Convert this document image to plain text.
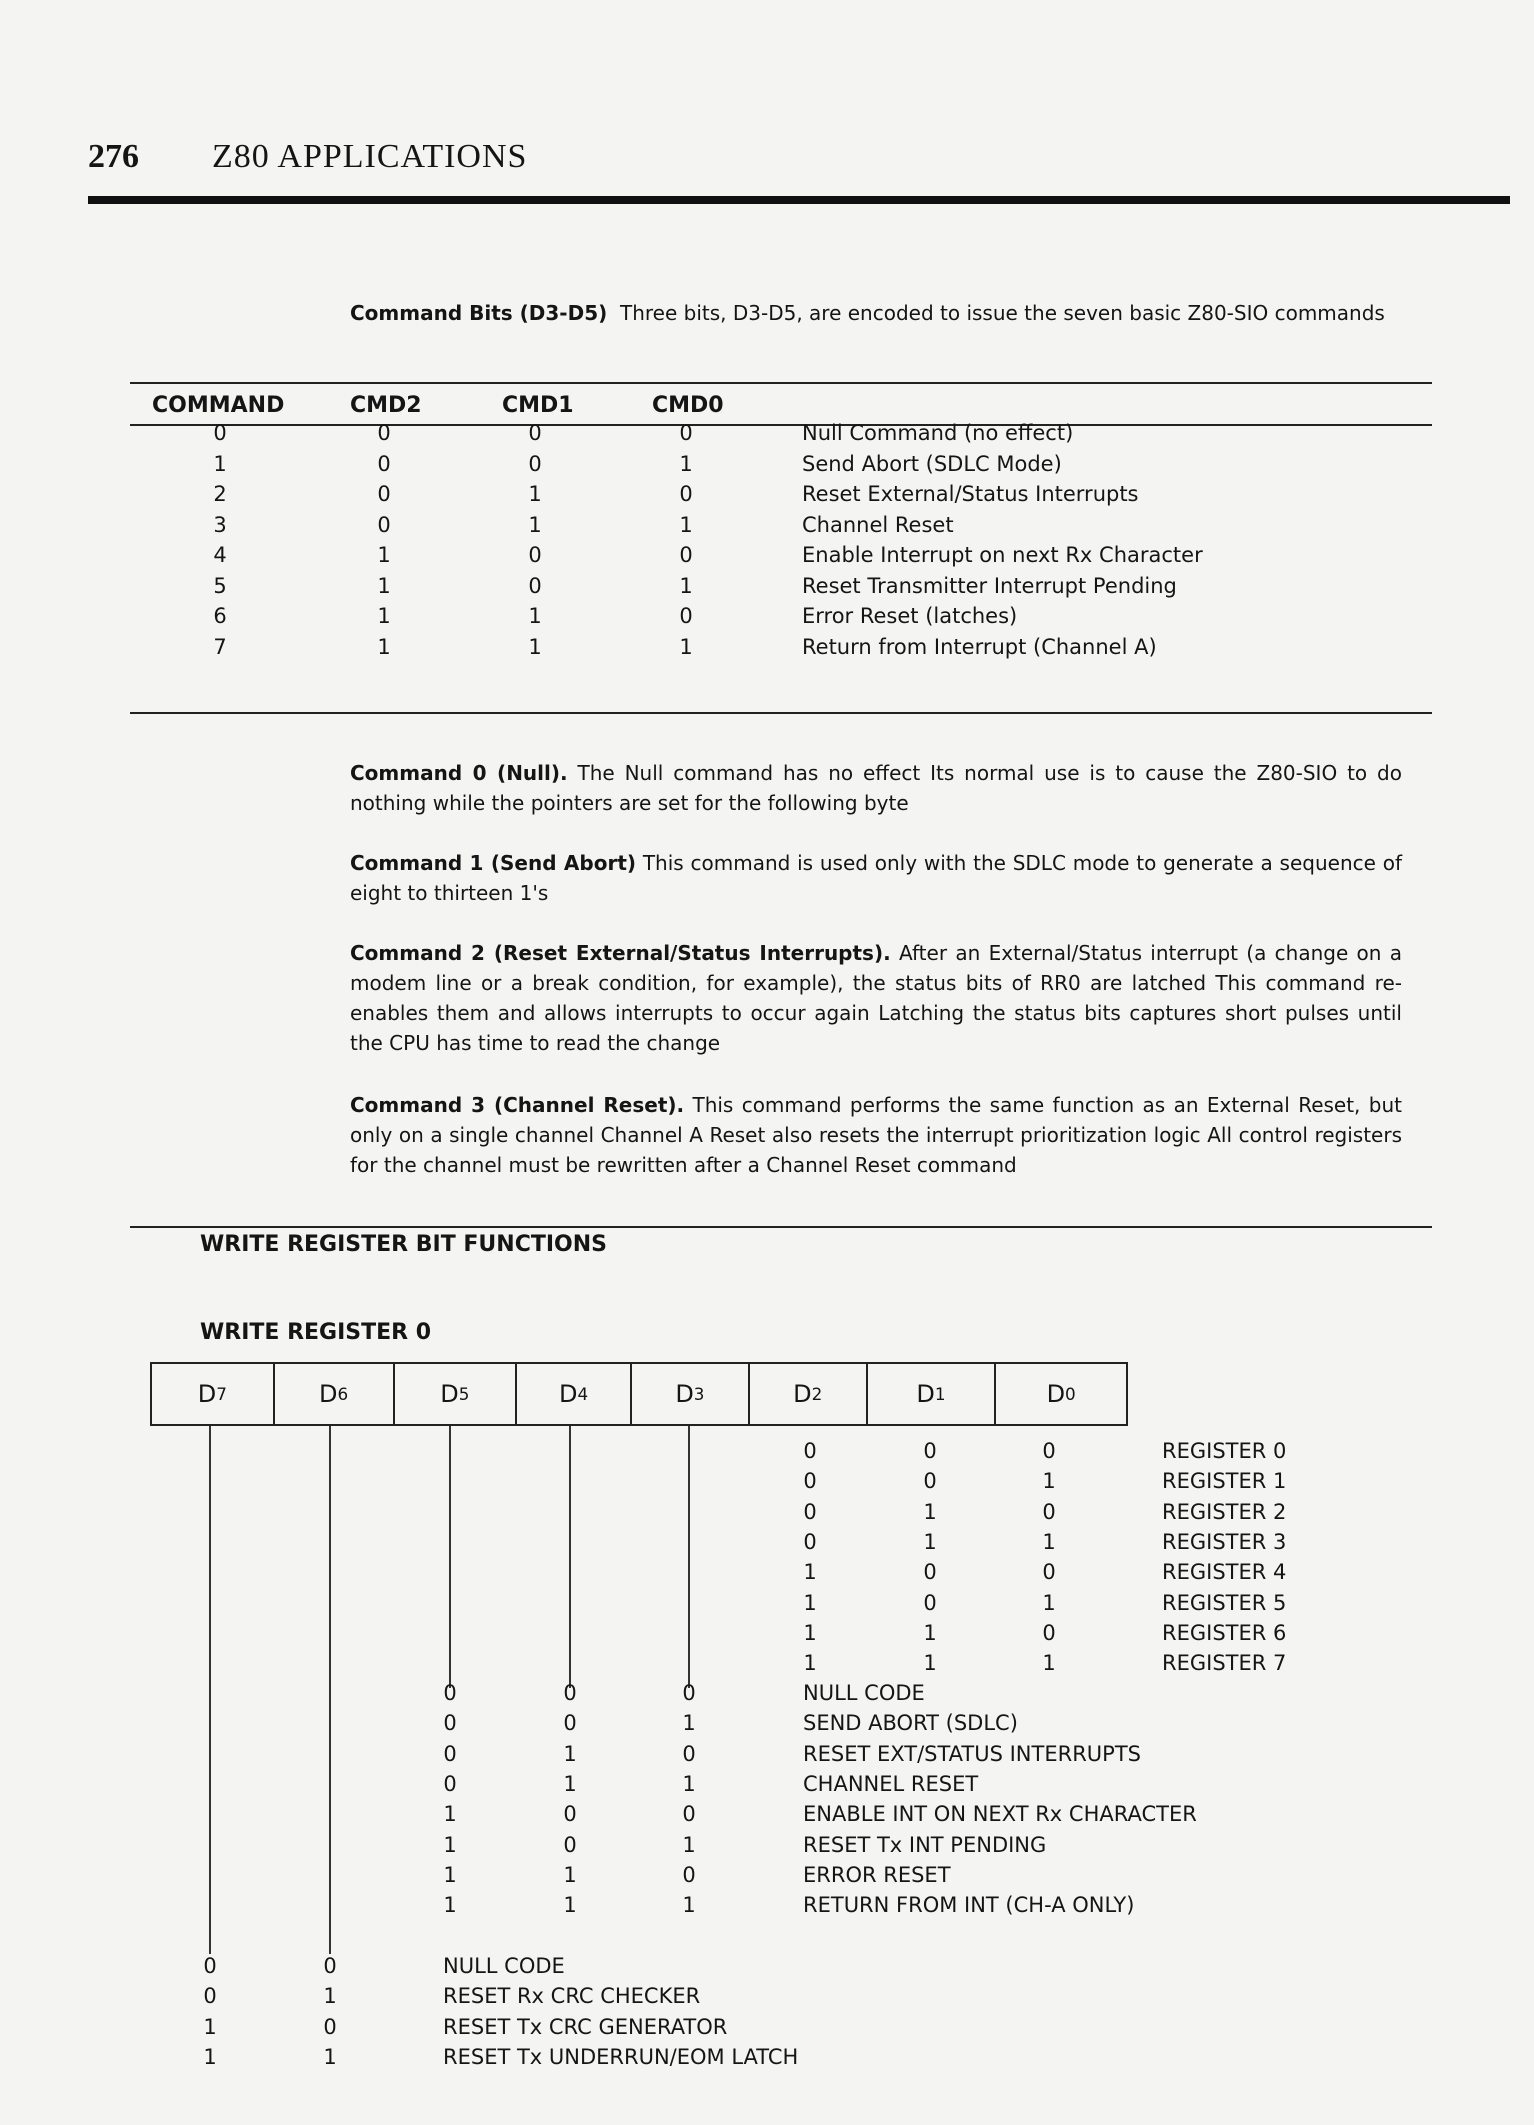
276 Z80 APPLICATIONS
Command Bits (D3-D5) Three bits, D3-D5, are encoded to issue the seven basic Z80-SIO commands
COMMAND	CMD2	CMD1	CMD0
0	0	0	0	Null Command (no effect)
1	0	0	1	Send Abort (SDLC Mode)
2	0	1	0	Reset External/Status Interrupts
3	0	1	1	Channel Reset
4	1	0	0	Enable Interrupt on next Rx Character
5	1	0	1	Reset Transmitter Interrupt Pending
6	1	1	0	Error Reset (latches)
7	1	1	1	Return from Interrupt (Channel A)
Command 0 (Null). The Null command has no effect Its normal use is to cause the Z80-SIO to do nothing while the pointers are set for the following byte
Command 1 (Send Abort) This command is used only with the SDLC mode to generate a sequence of eight to thirteen 1's
Command 2 (Reset External/Status Interrupts). After an External/Status interrupt (a change on a modem line or a break condition, for example), the status bits of RR0 are latched This command re-enables them and allows interrupts to occur again Latching the status bits captures short pulses until the CPU has time to read the change
Command 3 (Channel Reset). This command performs the same function as an External Reset, but only on a single channel Channel A Reset also resets the interrupt prioritization logic All control registers for the channel must be rewritten after a Channel Reset command
WRITE REGISTER BIT FUNCTIONS
WRITE REGISTER 0
D 7	D 6	D 5	D 4	D 3	D 2	D 1	D 0
0	0	0	REGISTER 0
0	0	1	REGISTER 1
0	1	0	REGISTER 2
0	1	1	REGISTER 3
1	0	0	REGISTER 4
1	0	1	REGISTER 5
1	1	0	REGISTER 6
1	1	1	REGISTER 7
0	0	0	NULL CODE
0	0	1	SEND ABORT (SDLC)
0	1	0	RESET EXT/STATUS INTERRUPTS
0	1	1	CHANNEL RESET
1	0	0	ENABLE INT ON NEXT Rx CHARACTER
1	0	1	RESET Tx INT PENDING
1	1	0	ERROR RESET
1	1	1	RETURN FROM INT (CH-A ONLY)
0	0	NULL CODE
0	1	RESET Rx CRC CHECKER
1	0	RESET Tx CRC GENERATOR
1	1	RESET Tx UNDERRUN/EOM LATCH
